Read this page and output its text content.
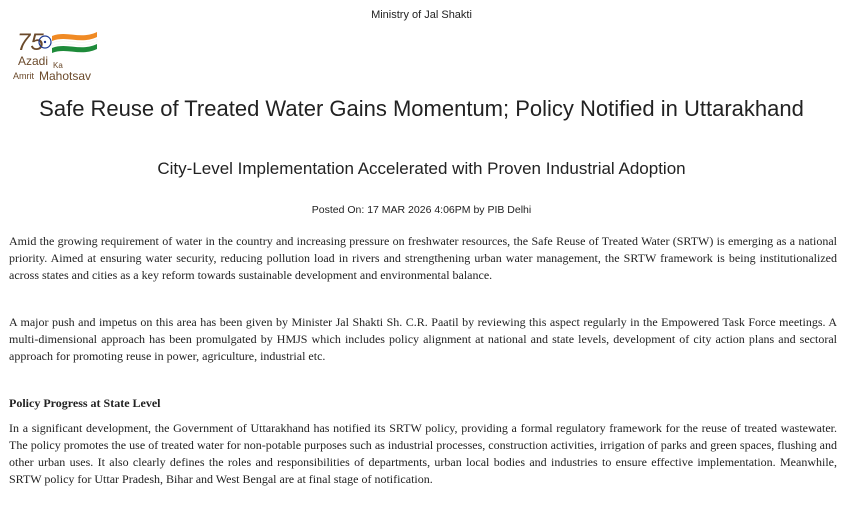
Ministry of Jal Shakti
75
Azadi Ka
Amrit Mahotsav
Safe Reuse of Treated Water Gains Momentum; Policy Notified in Uttarakhand
City-Level Implementation Accelerated with Proven Industrial Adoption
Posted On: 17 MAR 2026 4:06PM by PIB Delhi

Amid the growing requirement of water in the country and increasing pressure on freshwater resources, the Safe Reuse of Treated Water (SRTW) is emerging as a national priority. Aimed at ensuring water security, reducing pollution load in rivers and strengthening urban water management, the SRTW framework is being institutionalized across states and cities as a key reform towards sustainable development and environmental balance.

A major push and impetus on this area has been given by Minister Jal Shakti Sh. C.R. Paatil by reviewing this aspect regularly in the Empowered Task Force meetings. A multi-dimensional approach has been promulgated by HMJS which includes policy alignment at national and state levels, development of city action plans and sectoral approach for promoting reuse in power, agriculture, industrial etc.

Policy Progress at State Level

In a significant development, the Government of Uttarakhand has notified its SRTW policy, providing a formal regulatory framework for the reuse of treated wastewater. The policy promotes the use of treated water for non-potable purposes such as industrial processes, construction activities, irrigation of parks and green spaces, flushing and other urban uses. It also clearly defines the roles and responsibilities of departments, urban local bodies and industries to ensure effective implementation. Meanwhile, SRTW policy for Uttar Pradesh, Bihar and West Bengal are at final stage of notification.
